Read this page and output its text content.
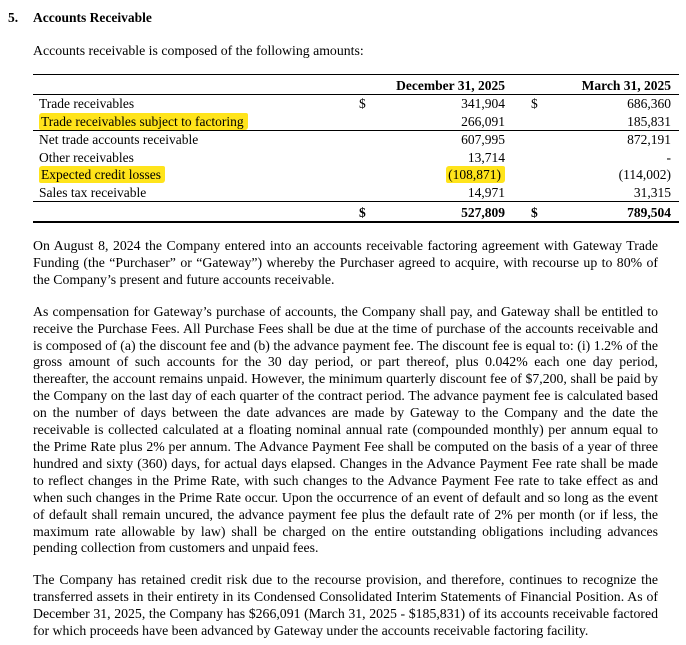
5.	Accounts Receivable
Accounts receivable is composed of the following amounts:
	December 31, 2025			March 31, 2025	
Trade receivables	$	341,904		$	686,360
Trade receivables subject to factoring		266,091			185,831
Net trade accounts receivable		607,995			872,191
Other receivables		13,714			-
Expected credit losses		(108,871)			(114,002)
Sales tax receivable		14,971			31,315
	$	527,809		$	789,504
On August 8, 2024 the Company entered into an accounts receivable factoring agreement with Gateway Trade Funding (the “Purchaser” or “Gateway”) whereby the Purchaser agreed to acquire, with recourse up to 80% of the Company’s present and future accounts receivable.
As compensation for Gateway’s purchase of accounts, the Company shall pay, and Gateway shall be entitled to receive the Purchase Fees. All Purchase Fees shall be due at the time of purchase of the accounts receivable and is composed of (a) the discount fee and (b) the advance payment fee. The discount fee is equal to: (i) 1.2% of the gross amount of such accounts for the 30 day period, or part thereof, plus 0.042% each one day period, thereafter, the account remains unpaid. However, the minimum quarterly discount fee of $7,200, shall be paid by the Company on the last day of each quarter of the contract period. The advance payment fee is calculated based on the number of days between the date advances are made by Gateway to the Company and the date the receivable is collected calculated at a floating nominal annual rate (compounded monthly) per annum equal to the Prime Rate plus 2% per annum. The Advance Payment Fee shall be computed on the basis of a year of three hundred and sixty (360) days, for actual days elapsed. Changes in the Advance Payment Fee rate shall be made to reflect changes in the Prime Rate, with such changes to the Advance Payment Fee rate to take effect as and when such changes in the Prime Rate occur. Upon the occurrence of an event of default and so long as the event of default shall remain uncured, the advance payment fee plus the default rate of 2% per month (or if less, the maximum rate allowable by law) shall be charged on the entire outstanding obligations including advances pending collection from customers and unpaid fees.
The Company has retained credit risk due to the recourse provision, and therefore, continues to recognize the transferred assets in their entirety in its Condensed Consolidated Interim Statements of Financial Position. As of December 31, 2025, the Company has $266,091 (March 31, 2025 - $185,831) of its accounts receivable factored for which proceeds have been advanced by Gateway under the accounts receivable factoring facility.
